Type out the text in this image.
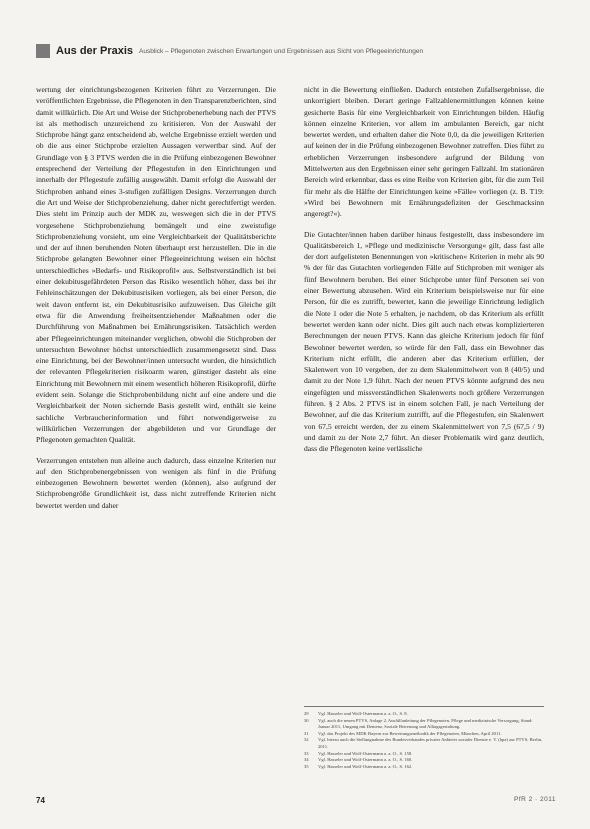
Aus der Praxis Ausblick – Pflegenoten zwischen Erwartungen und Ergebnissen aus Sicht von Pflegeeinrichtungen

wertung der einrichtungsbezogenen Kriterien führt zu Verzerrungen. Die veröffentlichten Ergebnisse, die Pflegenoten in den Transparenzberichten, sind damit willkürlich. Die Art und Weise der Stichprobenerhebung nach der PTVS ist als methodisch unzureichend zu kritisieren. Von der Auswahl der Stichprobe hängt ganz entscheidend ab, welche Ergebnisse erzielt werden und ob die aus einer Stichprobe erzielten Aussagen verwertbar sind. Auf der Grundlage von § 3 PTVS werden die in die Prüfung einbezogenen Bewohner entsprechend der Verteilung der Pflegestufen in den Einrichtungen und innerhalb der Pflegestufe zufällig ausgewählt. Damit erfolgt die Auswahl der Stichproben anhand eines 3-stufigen zufälligen Designs. Verzerrungen durch die Art und Weise der Stichprobenziehung, daher nicht gerechtfertigt werden. Dies steht im Prinzip auch der MDK zu, weswegen sich die in der PTVS vorgesehene Stichprobenziehung bemängelt und eine zweistufige Stichprobenziehung vorsieht, um eine Vergleichbarkeit der Qualitätsberichte und der auf ihnen beruhenden Noten überhaupt erst herzustellen. Die in die Stichprobe gelangten Bewohner einer Pflegeeinrichtung weisen ein höchst unterschiedliches »Bedarfs- und Risikoprofil« aus. Selbstverständlich ist bei einer dekubitusgefährdeten Person das Risiko wesentlich höher, dass bei ihr Fehleinschätzungen der Dekubitusrisiken vorliegen, als bei einer Person, die weit davon entfernt ist, ein Dekubitusrisiko aufzuweisen. Das Gleiche gilt etwa für die Anwendung freiheitsentziehender Maßnahmen oder die Durchführung von Maßnahmen bei Ernährungsrisiken. Tatsächlich werden aber Pflegeeinrichtungen miteinander verglichen, obwohl die Stichproben der untersuchten Bewohner höchst unterschiedlich zusammengesetzt sind. Dass eine Einrichtung, bei der Bewohner/innen untersucht wurden, die hinsichtlich der relevanten Pflegekriterien risikoarm waren, günstiger dasteht als eine Einrichtung mit Bewohnern mit einem wesentlich höheren Risikoprofil, dürfte evident sein. Solange die Stichprobenbildung nicht auf eine andere und die Vergleichbarkeit der Noten sichernde Basis gestellt wird, enthält sie keine sachliche Verbraucherinformation und führt notwendigerweise zu willkürlichen Verzerrungen der abgebildeten und vor Grundlage der Pflegenoten gemachten Qualität.

Verzerrungen entstehen nun alleine auch dadurch, dass einzelne Kriterien nur auf den Stichprobenergebnissen von wenigen als fünf in die Prüfung einbezogenen Bewohnern bewertet werden (können), also aufgrund der Stichprobengröße Grundlichkeit ist, dass nicht zutreffende Kriterien nicht bewertet werden und daher

nicht in die Bewertung einfließen. Dadurch entstehen Zufallsergebnisse, die unkorrigiert bleiben. Derart geringe Fallzahlenermittlungen können keine gesicherte Basis für eine Vergleichbarkeit von Einrichtungen bilden. Häufig können einzelne Kriterien, vor allem im ambulanten Bereich, gar nicht bewertet werden, und erhalten daher die Note 0,0, da die jeweiligen Kriterien auf keinen der in die Prüfung einbezogenen Bewohner zutreffen. Dies führt zu erheblichen Verzerrungen insbesondere aufgrund der Bildung von Mittelwerten aus den Ergebnissen einer sehr geringen Fallzahl. Im stationären Bereich wird erkennbar, dass es eine Reihe von Kriterien gibt, für die zum Teil für mehr als die Hälfte der Einrichtungen keine »Fälle« vorliegen (z. B. T19: »Wird bei Bewohnern mit Ernährungsdefiziten der Geschmacksinn angeregt?«).

Die Gutachter/innen haben darüber hinaus festgestellt, dass insbesondere im Qualitätsbereich 1, »Pflege und medizinische Versorgung« gilt, dass fast alle der dort aufgelisteten Benennungen von »kritischen« Kriterien in mehr als 90 % der für das Gutachten vorliegenden Fälle auf Stichproben mit weniger als fünf Bewohnern beruhen. Bei einer Stichprobe unter fünf Personen sei von einer Bewertung abzusehen. Wird ein Kriterium beispielsweise nur für eine Person, für die es zutrifft, bewertet, kann die jeweilige Einrichtung lediglich die Note 1 oder die Note 5 erhalten, je nachdem, ob das Kriterium als erfüllt bewertet werden kann oder nicht. Dies gilt auch nach etwas komplizierteren Berechnungen der neuen PTVS. Kann das gleiche Kriterium jedoch für fünf Bewohner bewertet werden, so würde für den Fall, dass ein Bewohner das Kriterium nicht erfüllt, die anderen aber das Kriterium erfüllen, der Skalenwert von 10 vergeben, der zu dem Skalenmittelwert von 8 (40/5) und damit zu der Note 1,9 führt. Nach der neuen PTVS könnte aufgrund des neu eingefügten und missverständlichen Skalenwerts noch größere Verzerrungen führen. § 2 Abs. 2 PTVS ist in einem solchen Fall, je nach Verteilung der Bewohner, auf die das Kriterium zutrifft, auf die Pflegestufen, ein Skalenwert von 67,5 erreicht werden, der zu einem Skalenmittelwert von 7,5 (67,5 / 9) und damit zu der Note 2,7 führt. An dieser Problematik wird ganz deutlich, dass die Pflegenoten keine verlässliche

29	Vgl. Hasseler und Wolf-Ostermann a. a. O., S. 8.
30	Vgl. auch die neuen PTVS, Anlage 2, Ausfüllanleitung der Pflegenoten, Pflege und medizinische Versorgung, Stand: Januar 2011, Umgang mit Demenz, Soziale Betreuung und Alltagsgestaltung.
31	Vgl. das Projekt des MDK Bayern zur Bewertungsmethodik der Pflegenoten, München, April 2011.
32	Vgl. hierzu auch die Stellungnahme des Bundesverbandes privater Anbieter sozialer Dienste e. V. (bpa) zur PTVS, Berlin, 2011.
33	Vgl. Hasseler und Wolf-Ostermann a. a. O., S. 158.
34	Vgl. Hasseler und Wolf-Ostermann a. a. O., S. 160.
35	Vgl. Hasseler und Wolf-Ostermann a. a. O., S. 162.
74	PfR 2 · 2011
